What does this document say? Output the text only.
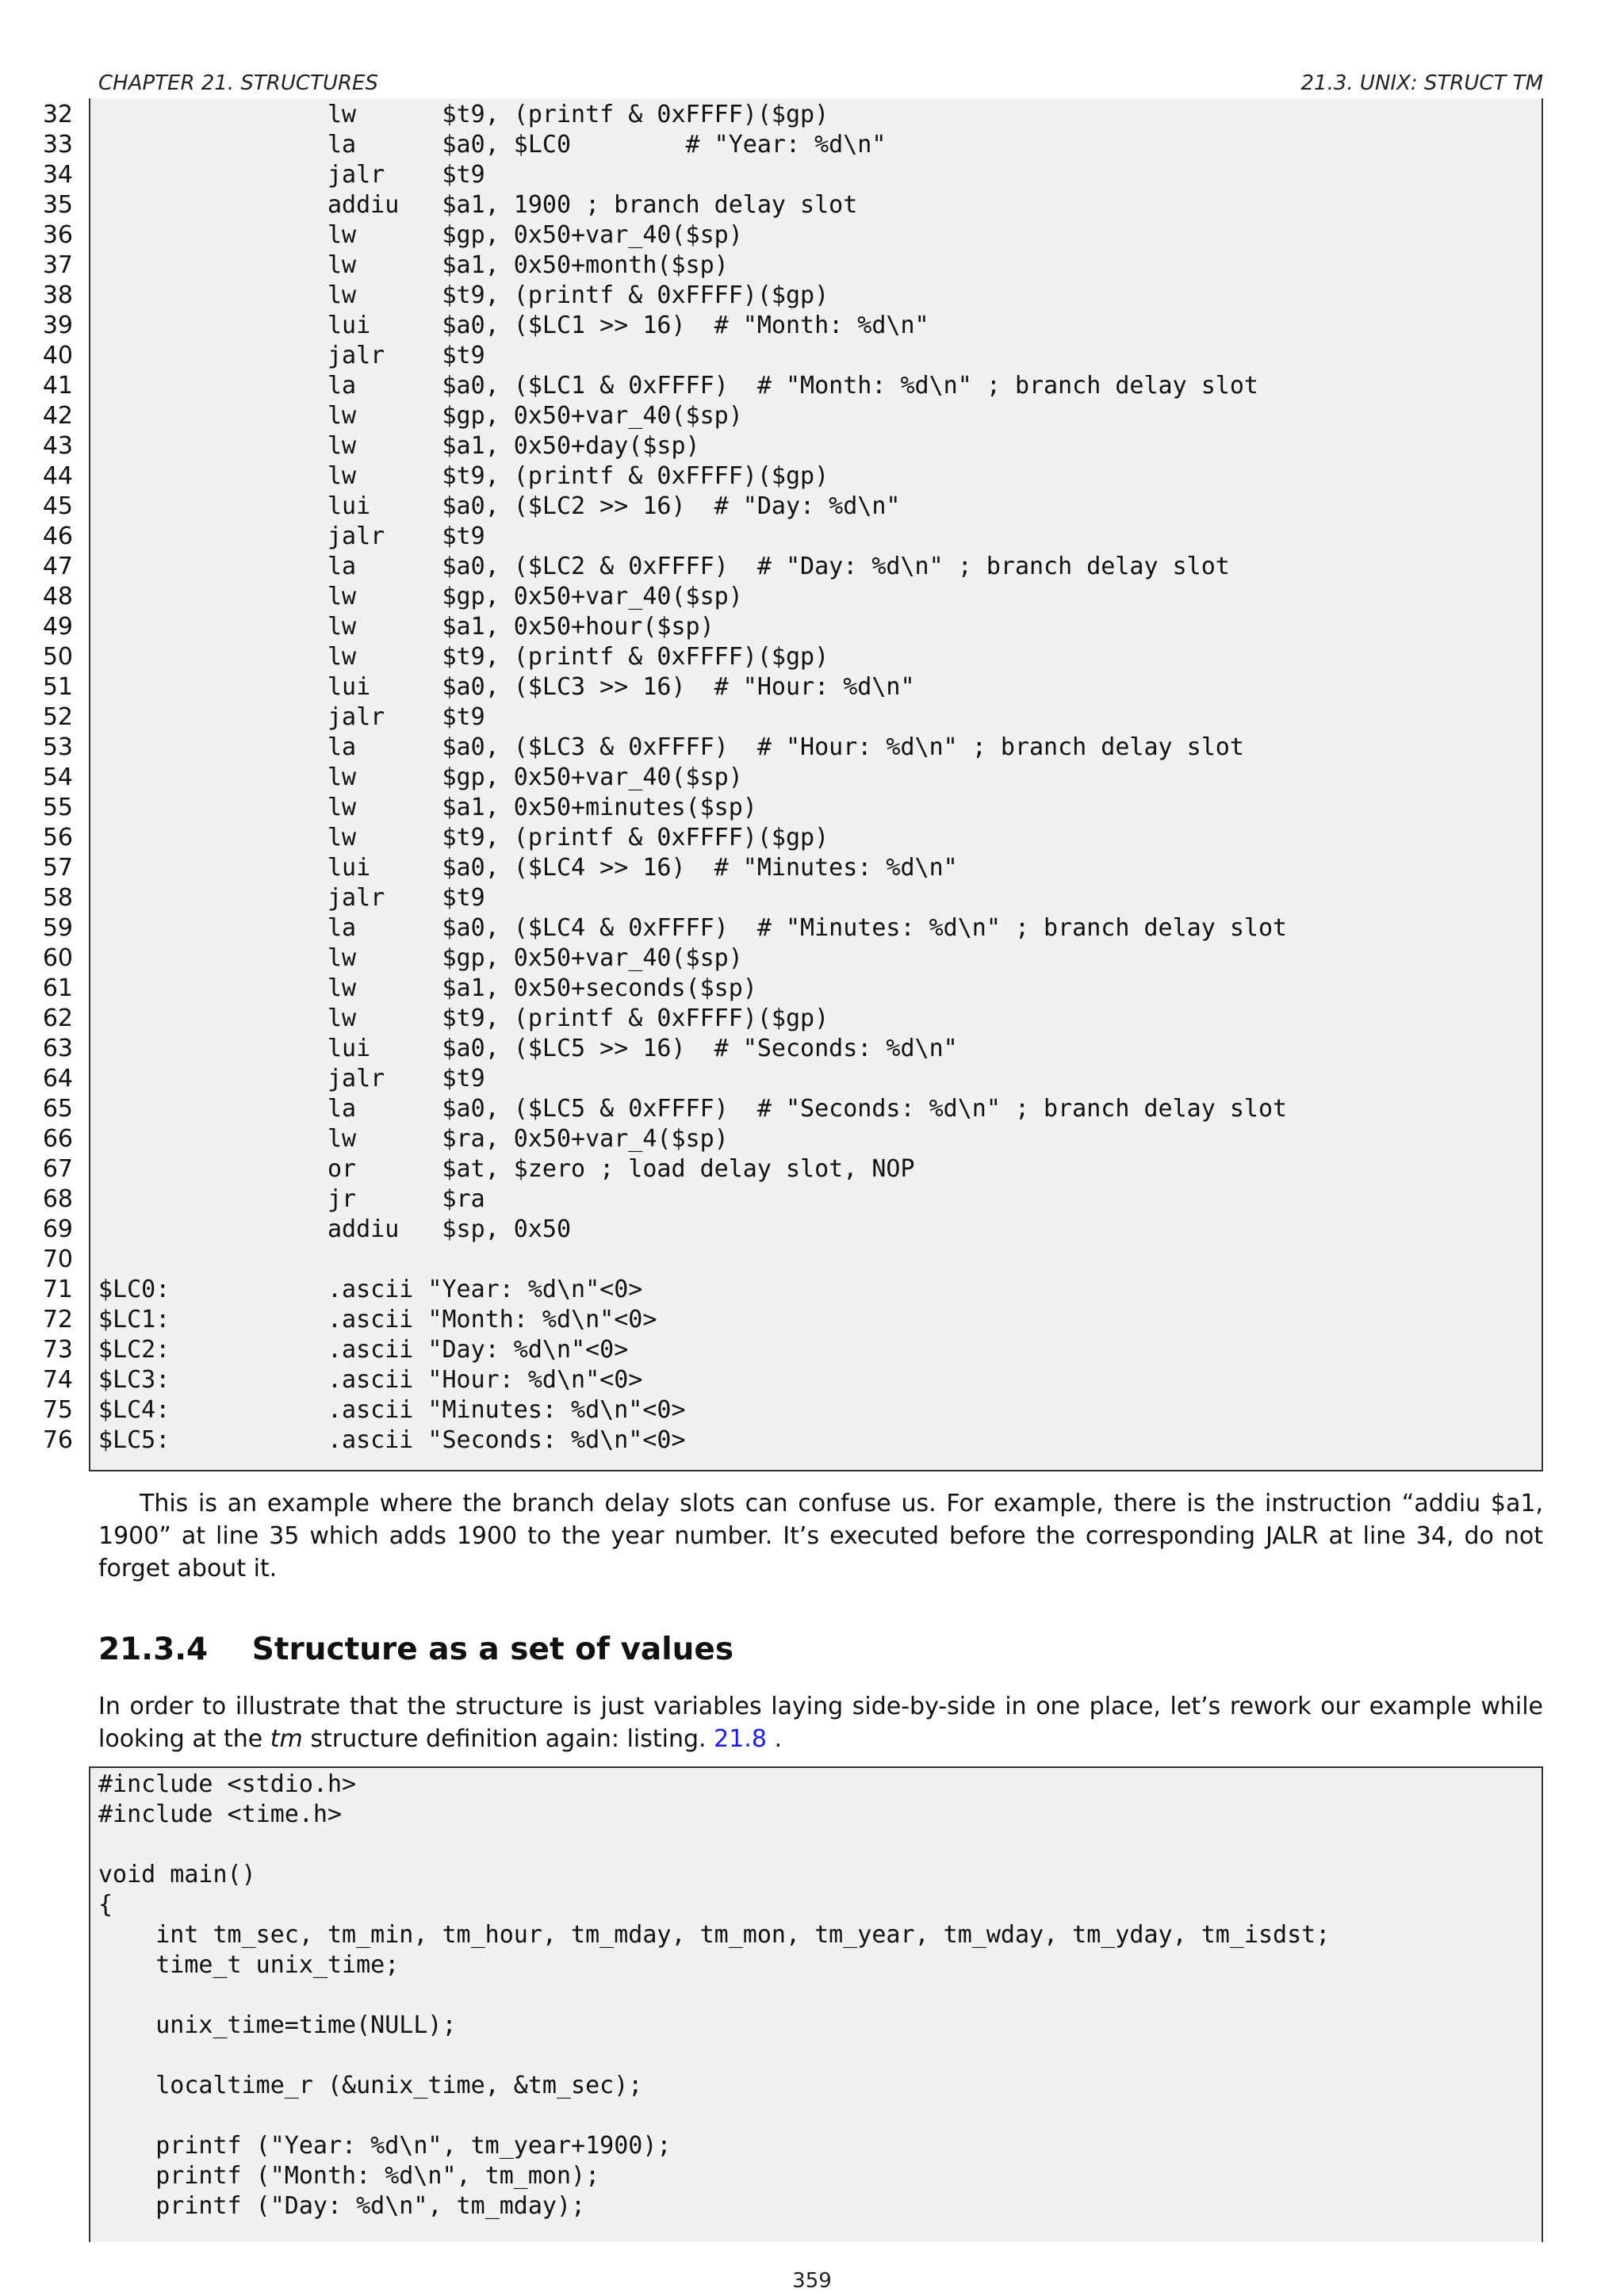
CHAPTER 21. STRUCTURES	21.3. UNIX: STRUCT TM
32
33
34
35
36
37
38
39
40
41
42
43
44
45
46
47
48
49
50
51
52
53
54
55
56
57
58
59
60
61
62
63
64
65
66
67
68
69
70
71
72
73
74
75
76
lw      $t9, (printf & 0xFFFF)($gp)
la      $a0, $LC0        # "Year: %d\n"
jalr    $t9
addiu   $a1, 1900 ; branch delay slot
lw      $gp, 0x50+var_40($sp)
lw      $a1, 0x50+month($sp)
lw      $t9, (printf & 0xFFFF)($gp)
lui     $a0, ($LC1 >> 16)  # "Month: %d\n"
jalr    $t9
la      $a0, ($LC1 & 0xFFFF)  # "Month: %d\n" ; branch delay slot
lw      $gp, 0x50+var_40($sp)
lw      $a1, 0x50+day($sp)
lw      $t9, (printf & 0xFFFF)($gp)
lui     $a0, ($LC2 >> 16)  # "Day: %d\n"
jalr    $t9
la      $a0, ($LC2 & 0xFFFF)  # "Day: %d\n" ; branch delay slot
lw      $gp, 0x50+var_40($sp)
lw      $a1, 0x50+hour($sp)
lw      $t9, (printf & 0xFFFF)($gp)
lui     $a0, ($LC3 >> 16)  # "Hour: %d\n"
jalr    $t9
la      $a0, ($LC3 & 0xFFFF)  # "Hour: %d\n" ; branch delay slot
lw      $gp, 0x50+var_40($sp)
lw      $a1, 0x50+minutes($sp)
lw      $t9, (printf & 0xFFFF)($gp)
lui     $a0, ($LC4 >> 16)  # "Minutes: %d\n"
jalr    $t9
la      $a0, ($LC4 & 0xFFFF)  # "Minutes: %d\n" ; branch delay slot
lw      $gp, 0x50+var_40($sp)
lw      $a1, 0x50+seconds($sp)
lw      $t9, (printf & 0xFFFF)($gp)
lui     $a0, ($LC5 >> 16)  # "Seconds: %d\n"
jalr    $t9
la      $a0, ($LC5 & 0xFFFF)  # "Seconds: %d\n" ; branch delay slot
lw      $ra, 0x50+var_4($sp)
or      $at, $zero ; load delay slot, NOP
jr      $ra
addiu   $sp, 0x50
$LC0:           .ascii "Year: %d\n"<0>
$LC1:           .ascii "Month: %d\n"<0>
$LC2:           .ascii "Day: %d\n"<0>
$LC3:           .ascii "Hour: %d\n"<0>
$LC4:           .ascii "Minutes: %d\n"<0>
$LC5:           .ascii "Seconds: %d\n"<0>
This is an example where the branch delay slots can confuse us. For example, there is the instruction “addiu $a1, 1900” at line 35 which adds 1900 to the year number. It’s executed before the corresponding JALR at line 34, do not forget about it.
21.3.4 Structure as a set of values
In order to illustrate that the structure is just variables laying side-by-side in one place, let’s rework our example while looking at the tm structure definition again: listing. 21.8 .
#include <stdio.h>
#include <time.h>
void main()
{
int tm_sec, tm_min, tm_hour, tm_mday, tm_mon, tm_year, tm_wday, tm_yday, tm_isdst;
time_t unix_time;
unix_time=time(NULL);
localtime_r (&unix_time, &tm_sec);
printf ("Year: %d\n", tm_year+1900);
printf ("Month: %d\n", tm_mon);
printf ("Day: %d\n", tm_mday);
359
